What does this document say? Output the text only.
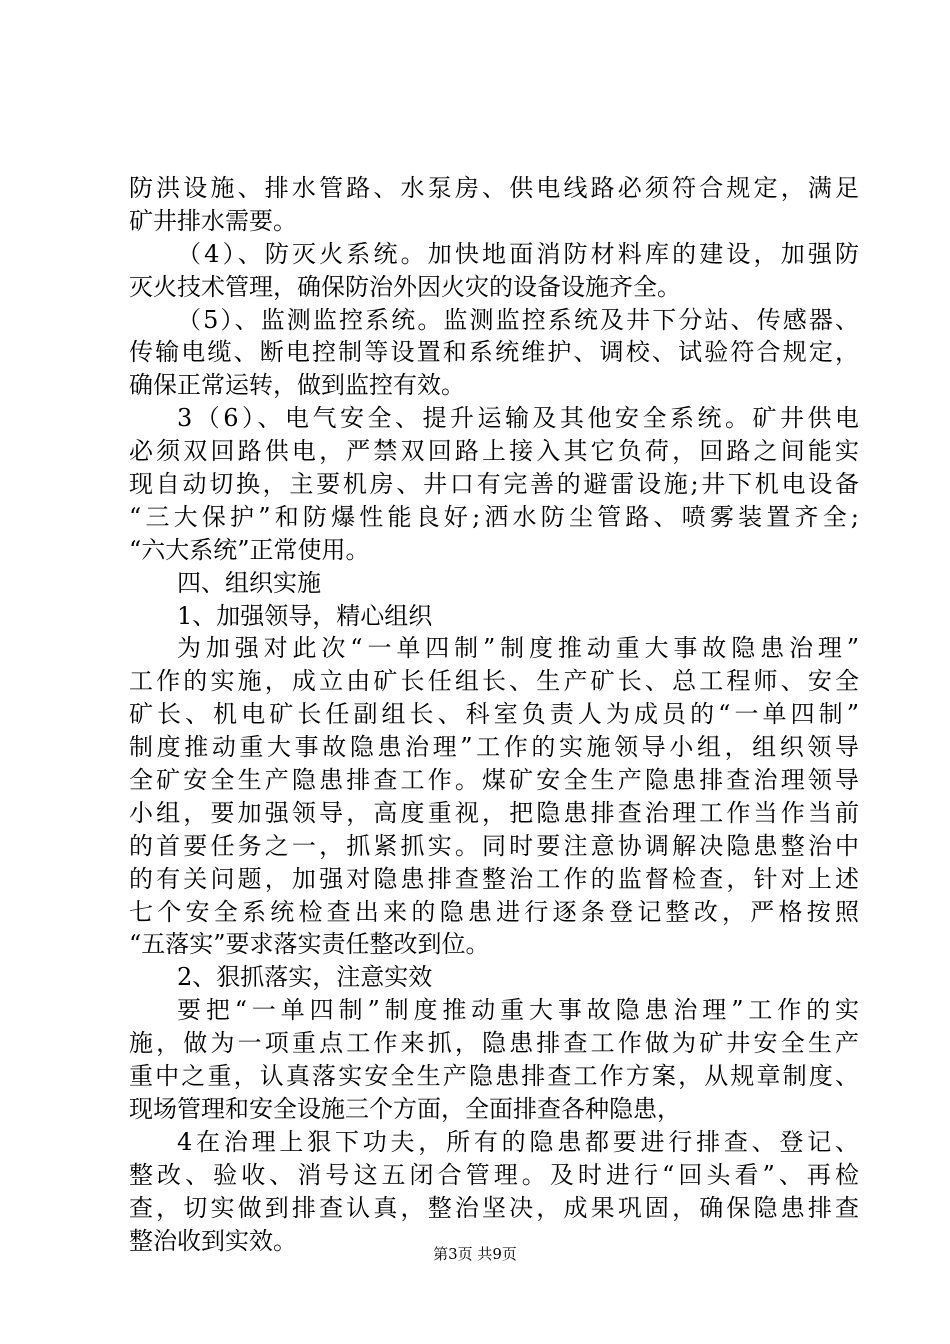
防洪设施、排水管路、水泵房、供电线路必须符合规定，满足
矿井排水需要。
（4）、防灭火系统。加快地面消防材料库的建设，加强防
灭火技术管理，确保防治外因火灾的设备设施齐全。
（5）、监测监控系统。监测监控系统及井下分站、传感器、
传输电缆、断电控制等设置和系统维护、调校、试验符合规定，
确保正常运转，做到监控有效。
3（6）、电气安全、提升运输及其他安全系统。矿井供电
必须双回路供电，严禁双回路上接入其它负荷，回路之间能实
现自动切换，主要机房、井口有完善的避雷设施;井下机电设备
“三大保护”和防爆性能良好;洒水防尘管路、喷雾装置齐全;
“六大系统”正常使用。
四、组织实施
1、加强领导，精心组织
为加强对此次“一单四制”制度推动重大事故隐患治理”
工作的实施，成立由矿长任组长、生产矿长、总工程师、安全
矿长、机电矿长任副组长、科室负责人为成员的“一单四制”
制度推动重大事故隐患治理”工作的实施领导小组，组织领导
全矿安全生产隐患排查工作。煤矿安全生产隐患排查治理领导
小组，要加强领导，高度重视，把隐患排查治理工作当作当前
的首要任务之一，抓紧抓实。同时要注意协调解决隐患整治中
的有关问题，加强对隐患排查整治工作的监督检查，针对上述
七个安全系统检查出来的隐患进行逐条登记整改，严格按照
“五落实”要求落实责任整改到位。
2、狠抓落实，注意实效
要把“一单四制”制度推动重大事故隐患治理”工作的实
施，做为一项重点工作来抓，隐患排查工作做为矿井安全生产
重中之重，认真落实安全生产隐患排查工作方案，从规章制度、
现场管理和安全设施三个方面，全面排查各种隐患，
4在治理上狠下功夫，所有的隐患都要进行排查、登记、
整改、验收、消号这五闭合管理。及时进行“回头看”、再检
查，切实做到排查认真，整治坚决，成果巩固，确保隐患排查
整治收到实效。	第3页 共9页
